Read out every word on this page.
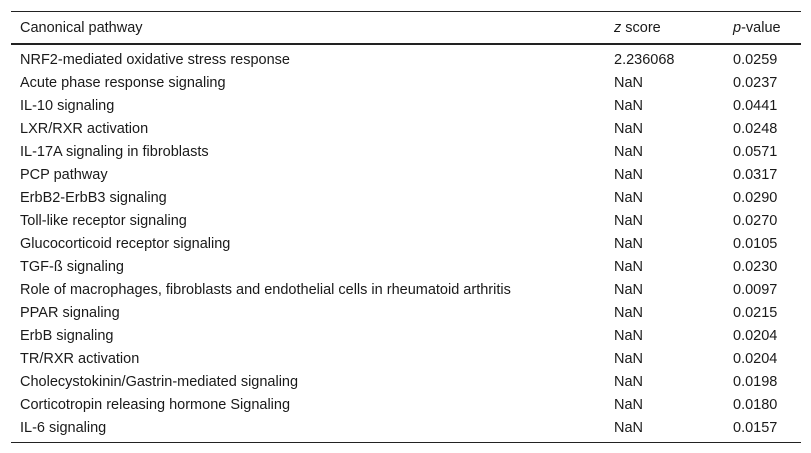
Canonical pathway	z score	p-value
NRF2-mediated oxidative stress response	2.236068	0.0259
Acute phase response signaling	NaN	0.0237
IL-10 signaling	NaN	0.0441
LXR/RXR activation	NaN	0.0248
IL-17A signaling in fibroblasts	NaN	0.0571
PCP pathway	NaN	0.0317
ErbB2-ErbB3 signaling	NaN	0.0290
Toll-like receptor signaling	NaN	0.0270
Glucocorticoid receptor signaling	NaN	0.0105
TGF-ß signaling	NaN	0.0230
Role of macrophages, fibroblasts and endothelial cells in rheumatoid arthritis	NaN	0.0097
PPAR signaling	NaN	0.0215
ErbB signaling	NaN	0.0204
TR/RXR activation	NaN	0.0204
Cholecystokinin/Gastrin-mediated signaling	NaN	0.0198
Corticotropin releasing hormone Signaling	NaN	0.0180
IL-6 signaling	NaN	0.0157
